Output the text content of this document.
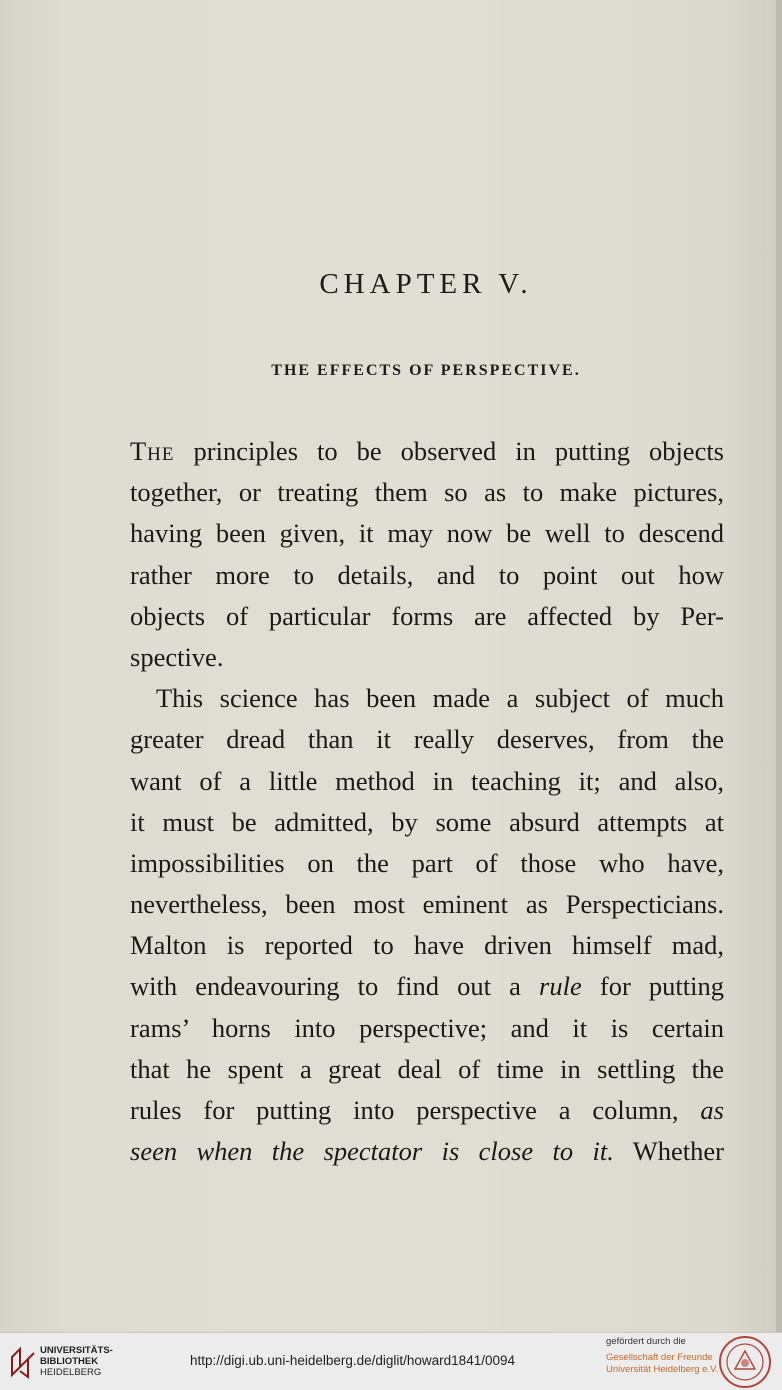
CHAPTER V.
THE EFFECTS OF PERSPECTIVE.
The principles to be observed in putting objects
together, or treating them so as to make pictures,
having been given, it may now be well to descend
rather more to details, and to point out how
objects of particular forms are affected by Per-
spective.
This science has been made a subject of much
greater dread than it really deserves, from the
want of a little method in teaching it; and also,
it must be admitted, by some absurd attempts at
impossibilities on the part of those who have,
nevertheless, been most eminent as Perspecticians.
Malton is reported to have driven himself mad,
with endeavouring to find out a rule for putting
rams’ horns into perspective; and it is certain
that he spent a great deal of time in settling the
rules for putting into perspective a column, as
seen when the spectator is close to it. Whether
UNIVERSITÄTS-
BIBLIOTHEK
HEIDELBERG
http://digi.ub.uni-heidelberg.de/diglit/howard1841/0094
gefördert durch die
Gesellschaft der Freunde
Universität Heidelberg e.V.
